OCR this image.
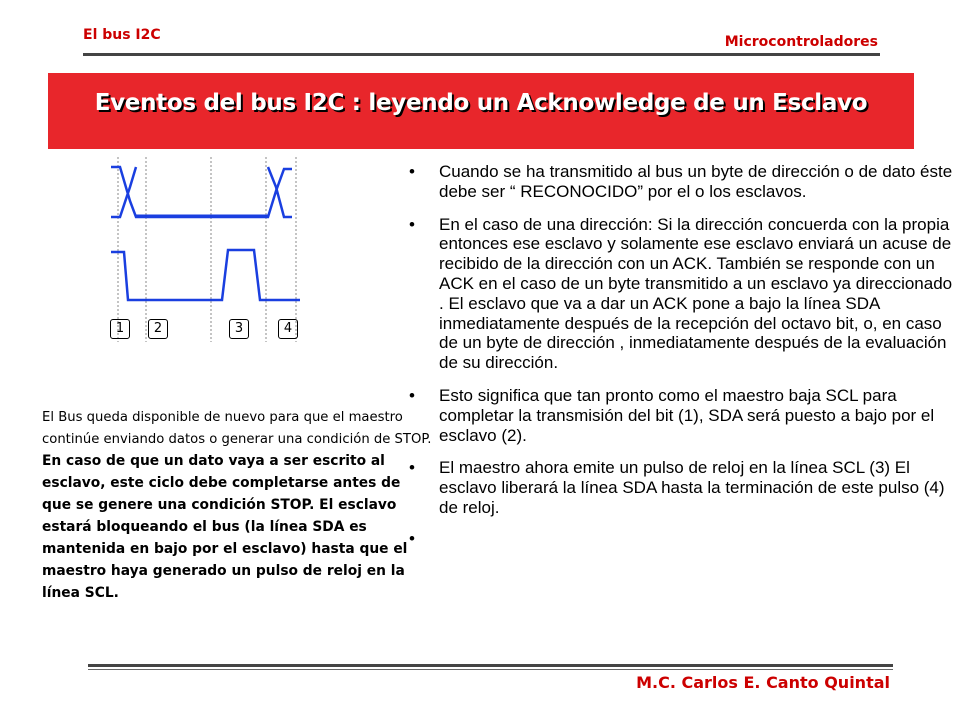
El bus I2C	Microcontroladores
Eventos del bus I2C : leyendo un Acknowledge de un Esclavo
1	2	3	4
El Bus queda disponible de nuevo para que el maestro continúe enviando datos o generar una condición de STOP.
En caso de que un dato vaya a ser escrito al esclavo, este ciclo debe completarse antes de que se genere una condición STOP. El esclavo estará bloqueando el bus (la línea SDA es mantenida en bajo por el esclavo) hasta que el maestro haya generado un pulso de reloj en la línea SCL.
• Cuando se ha transmitido al bus un byte de dirección o de dato éste debe ser “ RECONOCIDO” por el o los esclavos.
• En el caso de una dirección: Si la dirección concuerda con la propia entonces ese esclavo y solamente ese esclavo enviará un acuse de recibido de la dirección con un ACK. También se responde con un ACK en el caso de un byte transmitido a un esclavo ya direccionado . El esclavo que va a dar un ACK pone a bajo la línea SDA inmediatamente después de la recepción del octavo bit, o, en caso de un byte de dirección , inmediatamente después de la evaluación de su dirección.
• Esto significa que tan pronto como el maestro baja SCL para completar la transmisión del bit (1), SDA será puesto a bajo por el esclavo (2).
• El maestro ahora emite un pulso de reloj en la línea SCL (3) El esclavo liberará la línea SDA hasta la terminación de este pulso (4) de reloj.
•
M.C. Carlos E. Canto Quintal
